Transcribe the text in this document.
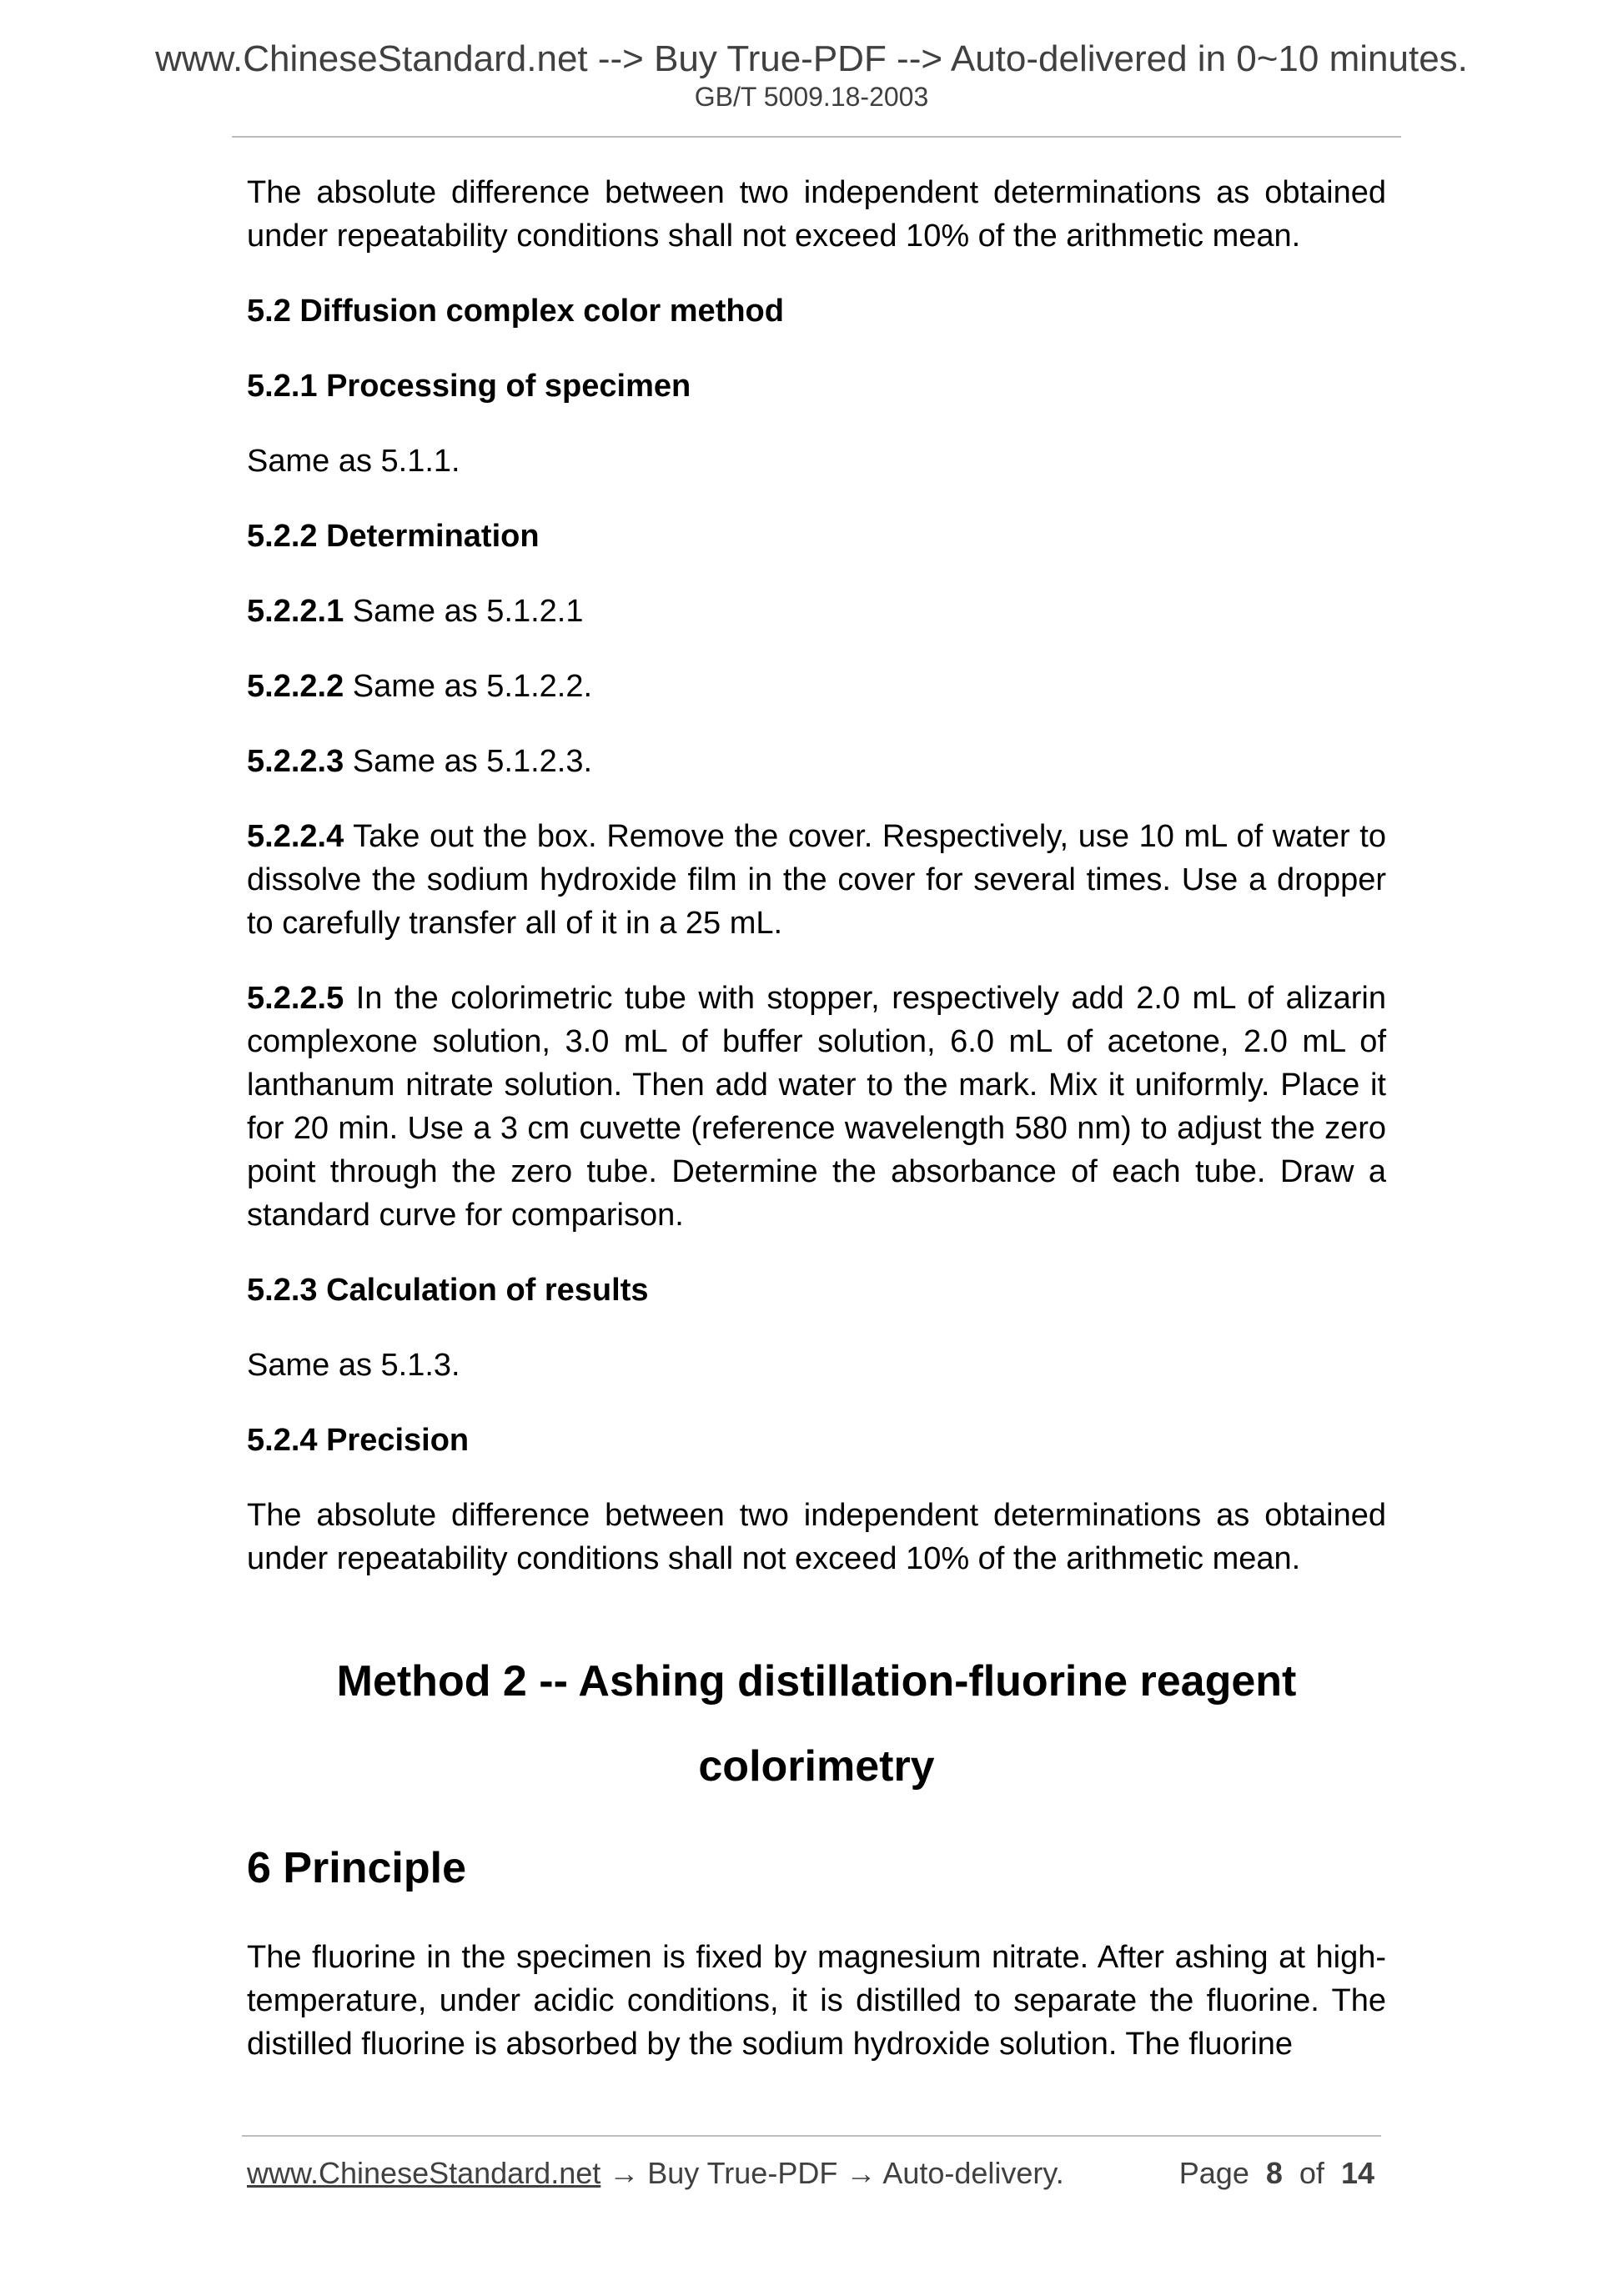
www.ChineseStandard.net --> Buy True-PDF --> Auto-delivered in 0~10 minutes.
GB/T 5009.18-2003

The absolute difference between two independent determinations as obtained under repeatability conditions shall not exceed 10% of the arithmetic mean.

5.2 Diffusion complex color method

5.2.1 Processing of specimen

Same as 5.1.1.

5.2.2 Determination

5.2.2.1 Same as 5.1.2.1

5.2.2.2 Same as 5.1.2.2.

5.2.2.3 Same as 5.1.2.3.

5.2.2.4 Take out the box. Remove the cover. Respectively, use 10 mL of water to dissolve the sodium hydroxide film in the cover for several times. Use a dropper to carefully transfer all of it in a 25 mL.

5.2.2.5 In the colorimetric tube with stopper, respectively add 2.0 mL of alizarin complexone solution, 3.0 mL of buffer solution, 6.0 mL of acetone, 2.0 mL of lanthanum nitrate solution. Then add water to the mark. Mix it uniformly. Place it for 20 min. Use a 3 cm cuvette (reference wavelength 580 nm) to adjust the zero point through the zero tube. Determine the absorbance of each tube. Draw a standard curve for comparison.

5.2.3 Calculation of results

Same as 5.1.3.

5.2.4 Precision

The absolute difference between two independent determinations as obtained under repeatability conditions shall not exceed 10% of the arithmetic mean.

Method 2 -- Ashing distillation-fluorine reagent
colorimetry
6 Principle

The fluorine in the specimen is fixed by magnesium nitrate. After ashing at high-temperature, under acidic conditions, it is distilled to separate the fluorine. The distilled fluorine is absorbed by the sodium hydroxide solution. The fluorine

www.ChineseStandard.net → Buy True-PDF → Auto-delivery.	Page 8 of 14
